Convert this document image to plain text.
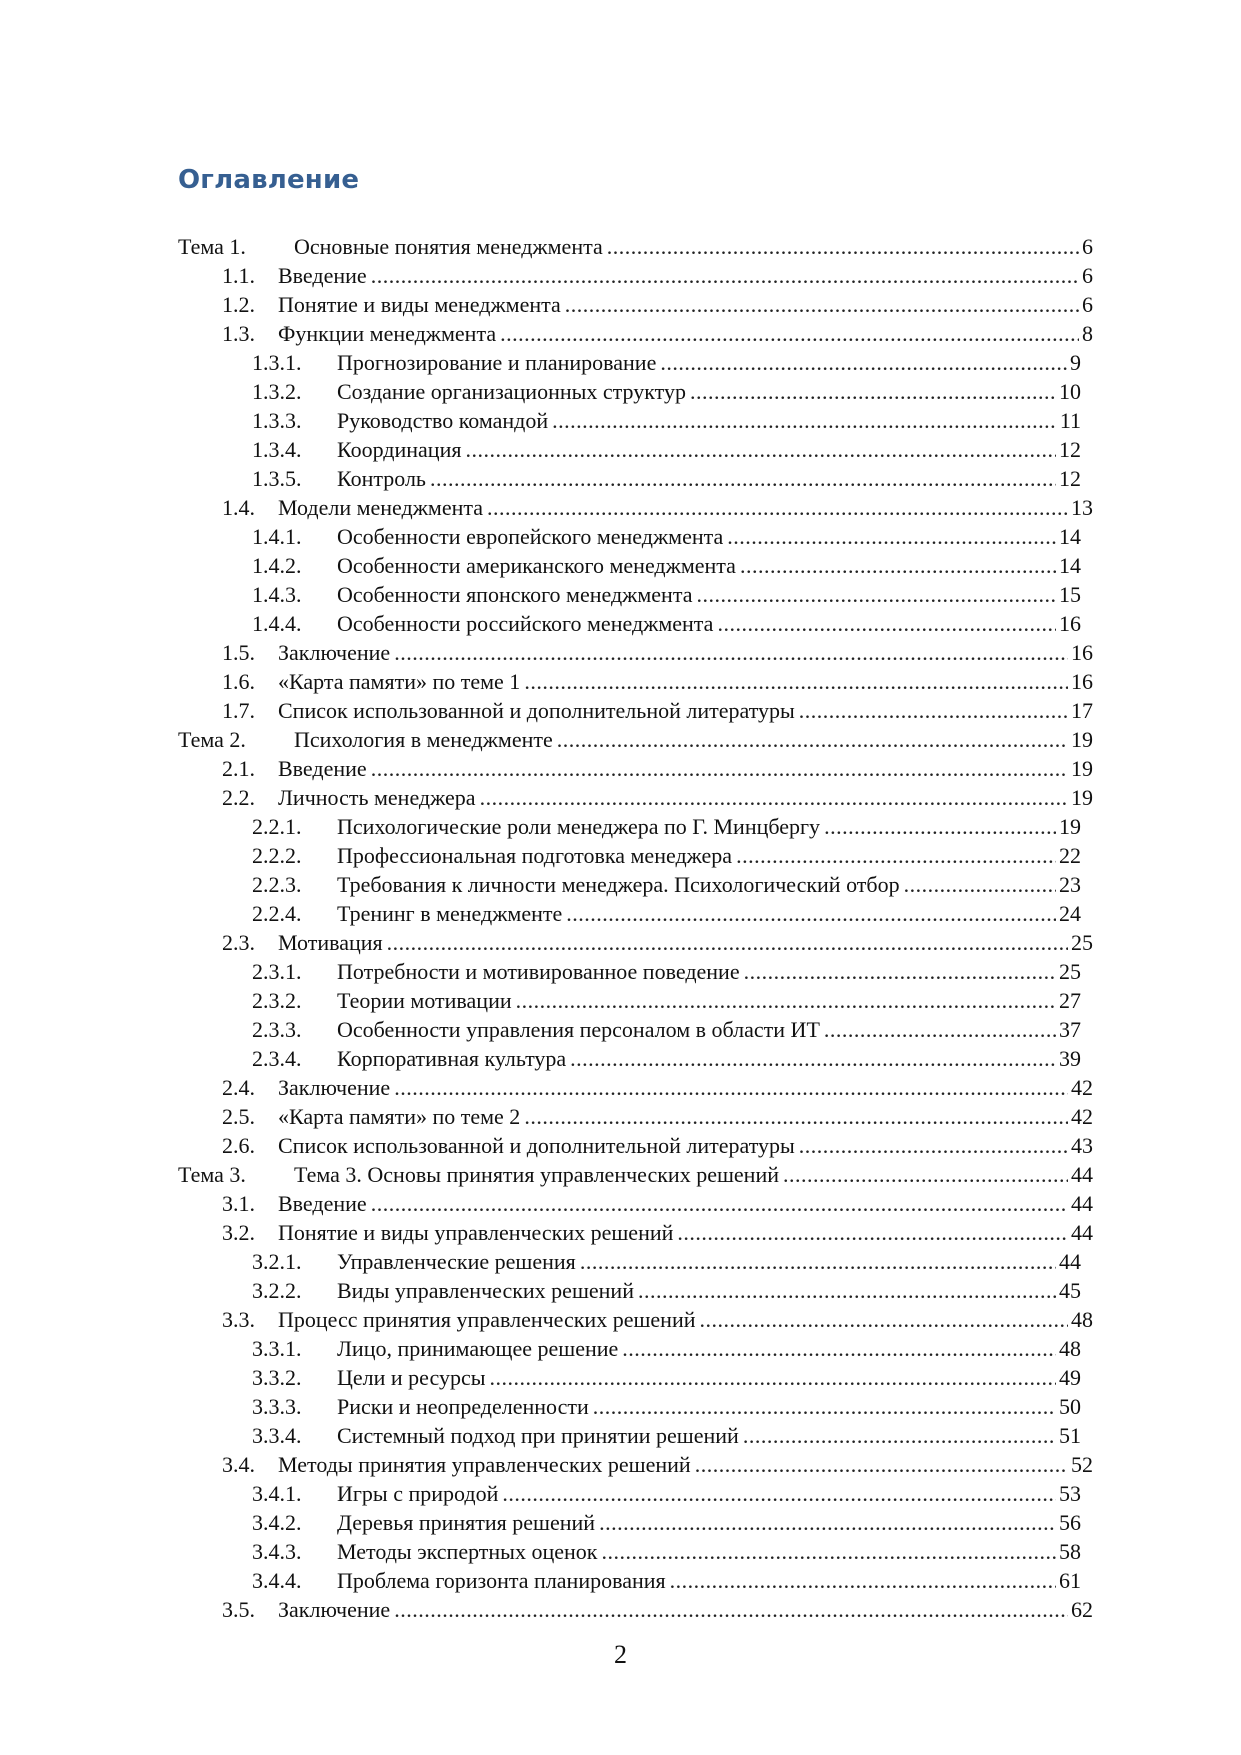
Оглавление
Тема 1. Основные понятия менеджмента . . .	6
1.1. Введение . . .	6
1.2. Понятие и виды менеджмента . . .	6
1.3. Функции менеджмента . . .	8
1.3.1. Прогнозирование и планирование . . .	9
1.3.2. Создание организационных структур . . .	10
1.3.3. Руководство командой . . .	11
1.3.4. Координация . . .	12
1.3.5. Контроль . . .	12
1.4. Модели менеджмента . . .	13
1.4.1. Особенности европейского менеджмента . . .	14
1.4.2. Особенности американского менеджмента . . .	14
1.4.3. Особенности японского менеджмента . . .	15
1.4.4. Особенности российского менеджмента . . .	16
1.5. Заключение . . .	16
1.6. «Карта памяти» по теме 1 . . .	16
1.7. Список использованной и дополнительной литературы . . .	17
Тема 2. Психология в менеджменте . . .	19
2.1. Введение . . .	19
2.2. Личность менеджера . . .	19
2.2.1. Психологические роли менеджера по Г. Минцбергу . . .	19
2.2.2. Профессиональная подготовка менеджера . . .	22
2.2.3. Требования к личности менеджера. Психологический отбор . . .	23
2.2.4. Тренинг в менеджменте . . .	24
2.3. Мотивация . . .	25
2.3.1. Потребности и мотивированное поведение . . .	25
2.3.2. Теории мотивации . . .	27
2.3.3. Особенности управления персоналом в области ИТ . . .	37
2.3.4. Корпоративная культура . . .	39
2.4. Заключение . . .	42
2.5. «Карта памяти» по теме 2 . . .	42
2.6. Список использованной и дополнительной литературы . . .	43
Тема 3. Тема 3. Основы принятия управленческих решений . . .	44
3.1. Введение . . .	44
3.2. Понятие и виды управленческих решений . . .	44
3.2.1. Управленческие решения . . .	44
3.2.2. Виды управленческих решений . . .	45
3.3. Процесс принятия управленческих решений . . .	48
3.3.1. Лицо, принимающее решение . . .	48
3.3.2. Цели и ресурсы . . .	49
3.3.3. Риски и неопределенности . . .	50
3.3.4. Системный подход при принятии решений . . .	51
3.4. Методы принятия управленческих решений . . .	52
3.4.1. Игры с природой . . .	53
3.4.2. Деревья принятия решений . . .	56
3.4.3. Методы экспертных оценок . . .	58
3.4.4. Проблема горизонта планирования . . .	61
3.5. Заключение . . .	62
2
